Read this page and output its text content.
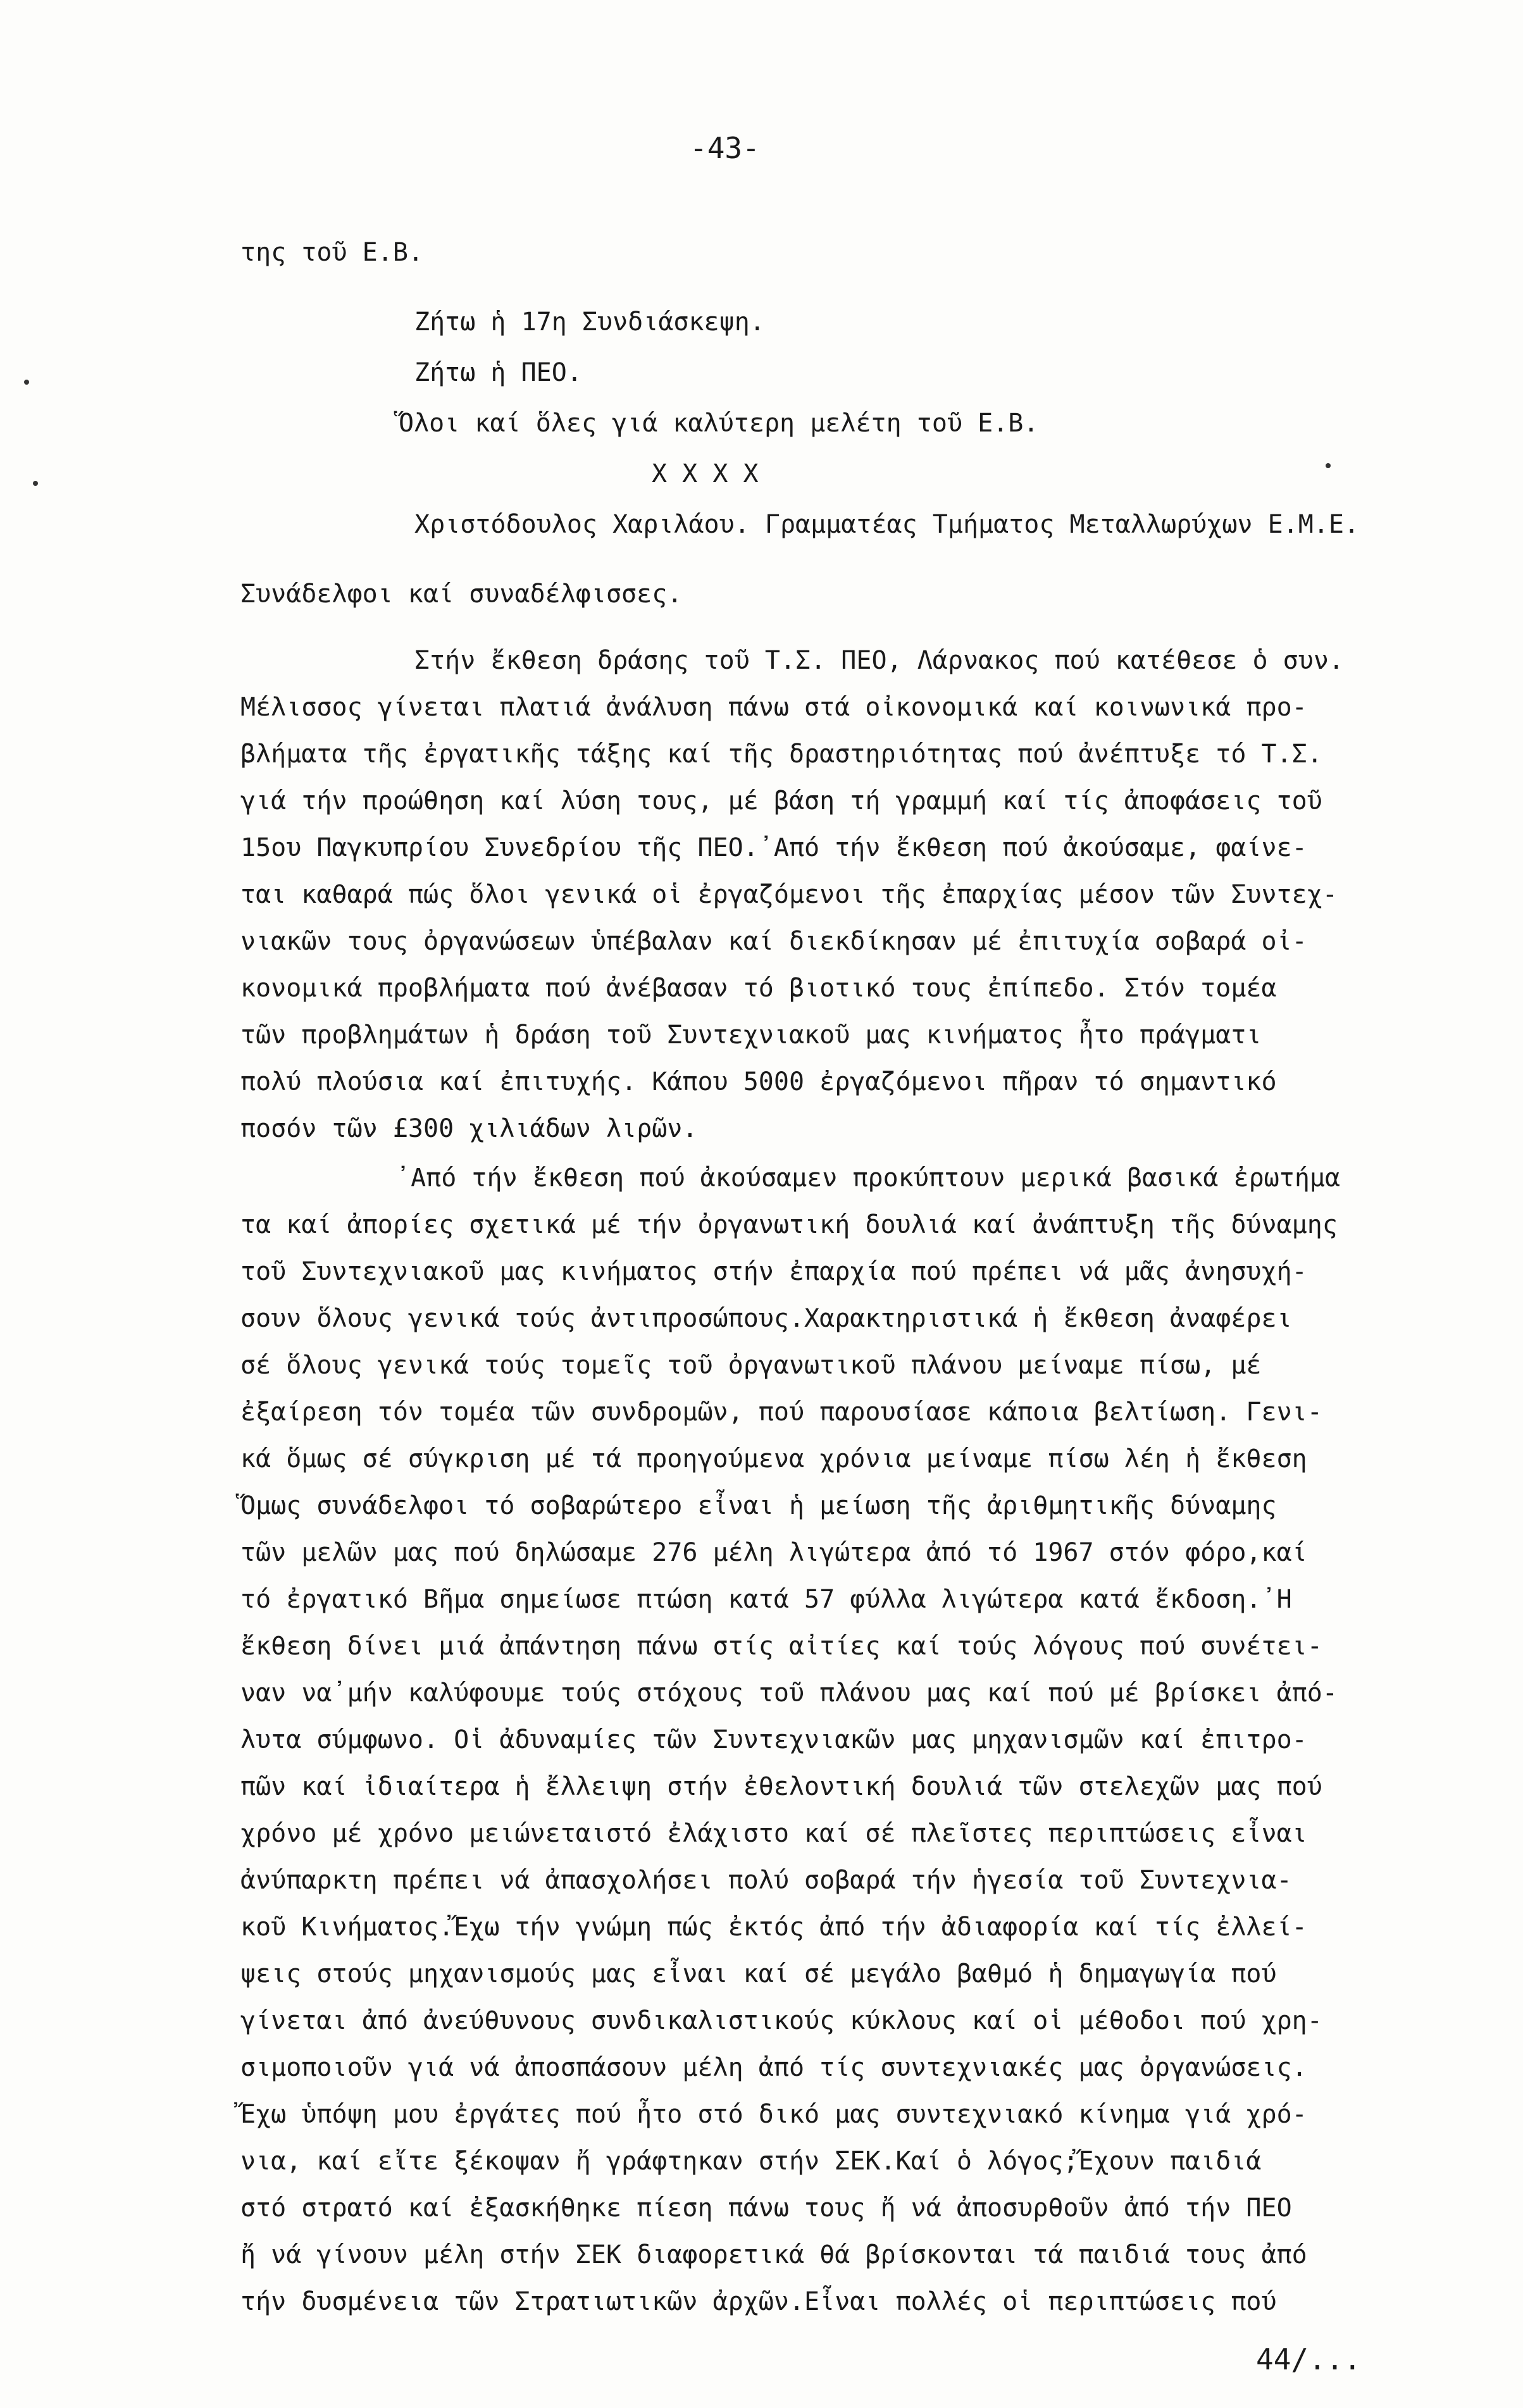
-43-
της τοῦ Ε.Β.
Ζήτω ἡ 17η Συνδιάσκεψη.
Ζήτω ἡ ΠΕΟ.
Ὅλοι καί ὅλες γιά καλύτερη μελέτη τοῦ Ε.Β.
Χ Χ Χ Χ
Χριστόδουλος Χαριλάου. Γραμματέας Τμήματος Μεταλλωρύχων Ε.Μ.Ε.
Συνάδελφοι καί συναδέλφισσες.
Στήν ἔκθεση δράσης τοῦ Τ.Σ. ΠΕΟ, Λάρνακος πού κατέθεσε ὁ συν.
Μέλισσος γίνεται πλατιά ἀνάλυση πάνω στά οἰκονομικά καί κοινωνικά προ-
βλήματα τῆς ἐργατικῆς τάξης καί τῆς δραστηριότητας πού ἀνέπτυξε τό Τ.Σ.
γιά τήν προώθηση καί λύση τους, μέ βάση τή γραμμή καί τίς ἀποφάσεις τοῦ
15ου Παγκυπρίου Συνεδρίου τῆς ΠΕΟ.᾿Από τήν ἔκθεση πού ἀκούσαμε, φαίνε-
ται καθαρά πώς ὅλοι γενικά οἱ ἐργαζόμενοι τῆς ἐπαρχίας μέσον τῶν Συντεχ-
νιακῶν τους ὀργανώσεων ὑπέβαλαν καί διεκδίκησαν μέ ἐπιτυχία σοβαρά οἰ-
κονομικά προβλήματα πού ἀνέβασαν τό βιοτικό τους ἐπίπεδο. Στόν τομέα
τῶν προβλημάτων ἡ δράση τοῦ Συντεχνιακοῦ μας κινήματος ἦτο πράγματι
πολύ πλούσια καί ἐπιτυχής. Κάπου 5000 ἐργαζόμενοι πῆραν τό σημαντικό
ποσόν τῶν £300 χιλιάδων λιρῶν.
᾿Από τήν ἔκθεση πού ἀκούσαμεν προκύπτουν μερικά βασικά ἐρωτήμα
τα καί ἀπορίες σχετικά μέ τήν ὀργανωτική δουλιά καί ἀνάπτυξη τῆς δύναμης
τοῦ Συντεχνιακοῦ μας κινήματος στήν ἐπαρχία πού πρέπει νά μᾶς ἀνησυχή-
σουν ὅλους γενικά τούς ἀντιπροσώπους.Χαρακτηριστικά ἡ ἔκθεση ἀναφέρει
σέ ὅλους γενικά τούς τομεῖς τοῦ ὀργανωτικοῦ πλάνου μείναμε πίσω, μέ
ἐξαίρεση τόν τομέα τῶν συνδρομῶν, πού παρουσίασε κάποια βελτίωση. Γενι-
κά ὅμως σέ σύγκριση μέ τά προηγούμενα χρόνια μείναμε πίσω λέη ἡ ἔκθεση
Ὅμως συνάδελφοι τό σοβαρώτερο εἶναι ἡ μείωση τῆς ἀριθμητικῆς δύναμης
τῶν μελῶν μας πού δηλώσαμε 276 μέλη λιγώτερα ἀπό τό 1967 στόν φόρο,καί
τό ἐργατικό Βῆμα σημείωσε πτώση κατά 57 φύλλα λιγώτερα κατά ἔκδοση.᾿Η
ἔκθεση δίνει μιά ἀπάντηση πάνω στίς αἰτίες καί τούς λόγους πού συνέτει-
ναν να᾿μήν καλύφουμε τούς στόχους τοῦ πλάνου μας καί πού μέ βρίσκει ἀπό-
λυτα σύμφωνο. Οἱ ἀδυναμίες τῶν Συντεχνιακῶν μας μηχανισμῶν καί ἐπιτρο-
πῶν καί ἰδιαίτερα ἡ ἔλλειψη στήν ἐθελοντική δουλιά τῶν στελεχῶν μας πού
χρόνο μέ χρόνο μειώνεταιστό ἐλάχιστο καί σέ πλεῖστες περιπτώσεις εἶναι
ἀνύπαρκτη πρέπει νά ἀπασχολήσει πολύ σοβαρά τήν ἡγεσία τοῦ Συντεχνια-
κοῦ Κινήματος.Ἔχω τήν γνώμη πώς ἐκτός ἀπό τήν ἀδιαφορία καί τίς ἐλλεί-
ψεις στούς μηχανισμούς μας εἶναι καί σέ μεγάλο βαθμό ἡ δημαγωγία πού
γίνεται ἀπό ἀνεύθυνους συνδικαλιστικούς κύκλους καί οἱ μέθοδοι πού χρη-
σιμοποιοῦν γιά νά ἀποσπάσουν μέλη ἀπό τίς συντεχνιακές μας ὀργανώσεις.
Ἔχω ὑπόψη μου ἐργάτες πού ἦτο στό δικό μας συντεχνιακό κίνημα γιά χρό-
νια, καί εἴτε ξέκοψαν ἤ γράφτηκαν στήν ΣΕΚ.Καί ὁ λόγος;Ἔχουν παιδιά
στό στρατό καί ἐξασκήθηκε πίεση πάνω τους ἤ νά ἀποσυρθοῦν ἀπό τήν ΠΕΟ
ἤ νά γίνουν μέλη στήν ΣΕΚ διαφορετικά θά βρίσκονται τά παιδιά τους ἀπό
τήν δυσμένεια τῶν Στρατιωτικῶν ἀρχῶν.Εἶναι πολλές οἱ περιπτώσεις πού
44/...
